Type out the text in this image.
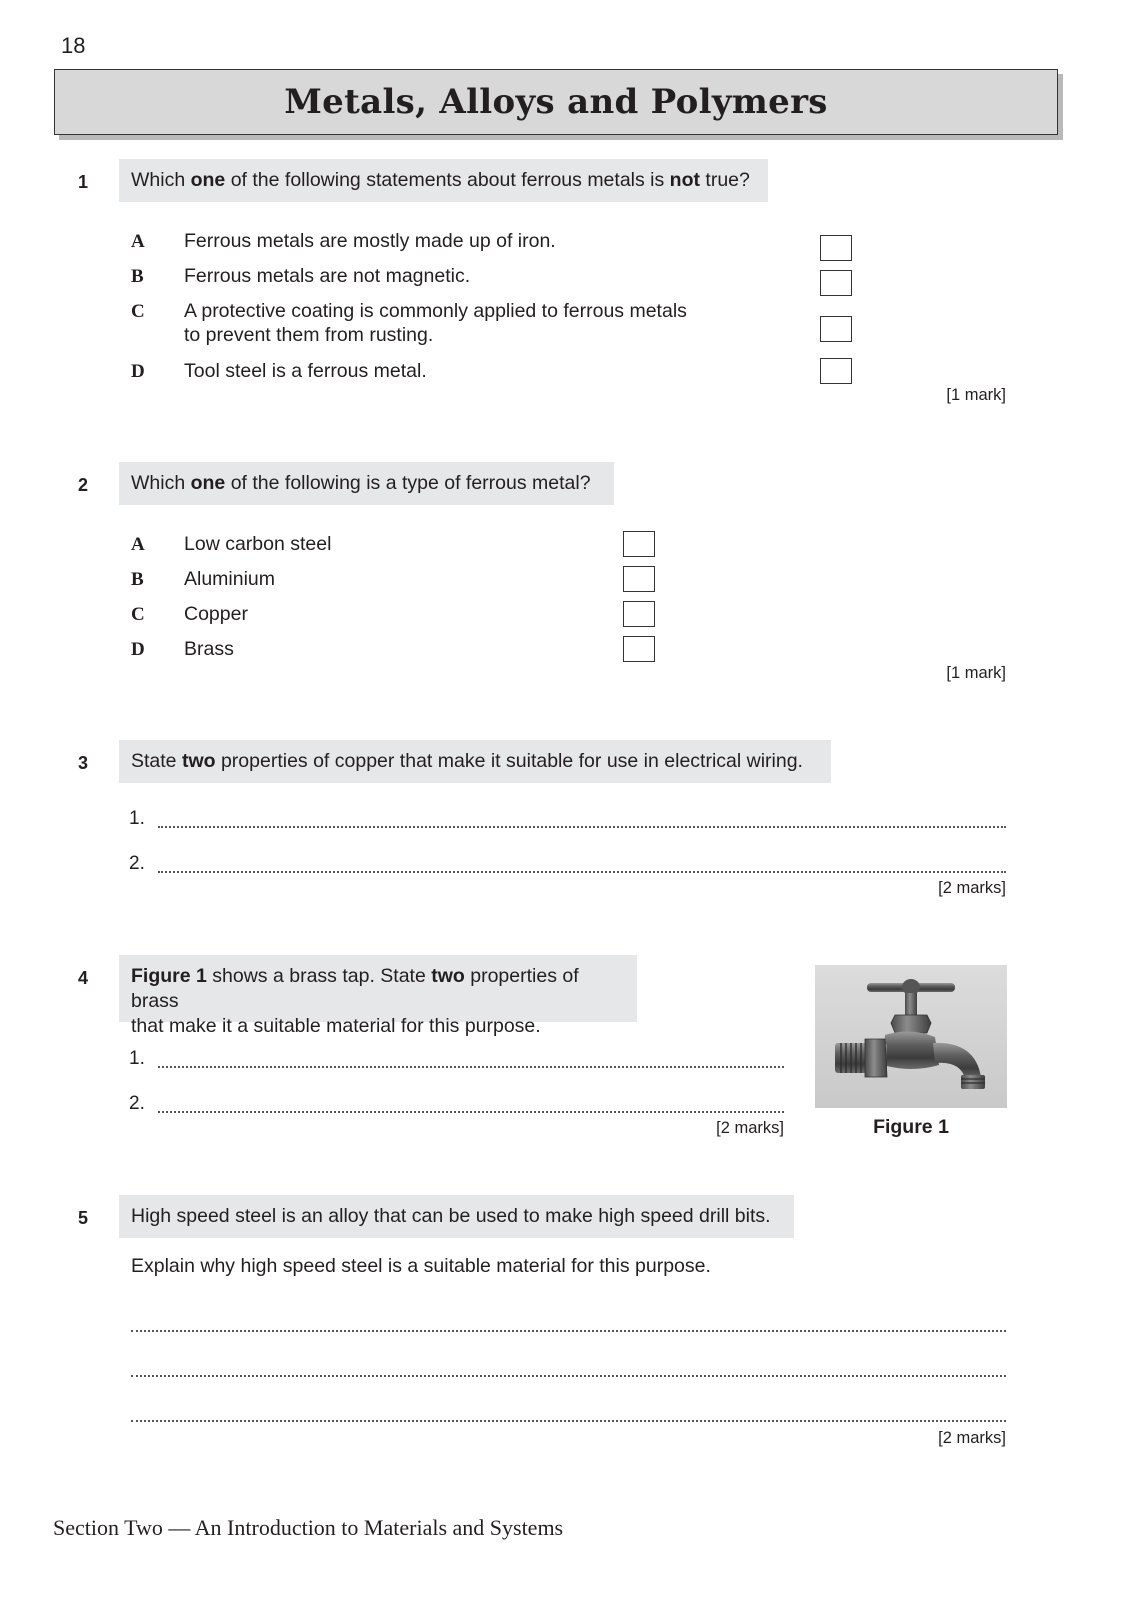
18
Metals, Alloys and Polymers
1	Which one of the following statements about ferrous metals is not true?
A Ferrous metals are mostly made up of iron.
B Ferrous metals are not magnetic.
C A protective coating is commonly applied to ferrous metals
to prevent them from rusting.
D Tool steel is a ferrous metal.
[1 mark]
2	Which one of the following is a type of ferrous metal?
A Low carbon steel
B Aluminium
C Copper
D Brass
[1 mark]
3	State two properties of copper that make it suitable for use in electrical wiring.
1.
2.
[2 marks]
4 Figure 1 shows a brass tap. State two properties of brass
that make it a suitable material for this purpose.
1.
2.
[2 marks]	Figure 1
5	High speed steel is an alloy that can be used to make high speed drill bits.
Explain why high speed steel is a suitable material for this purpose.
[2 marks]
Section Two — An Introduction to Materials and Systems
